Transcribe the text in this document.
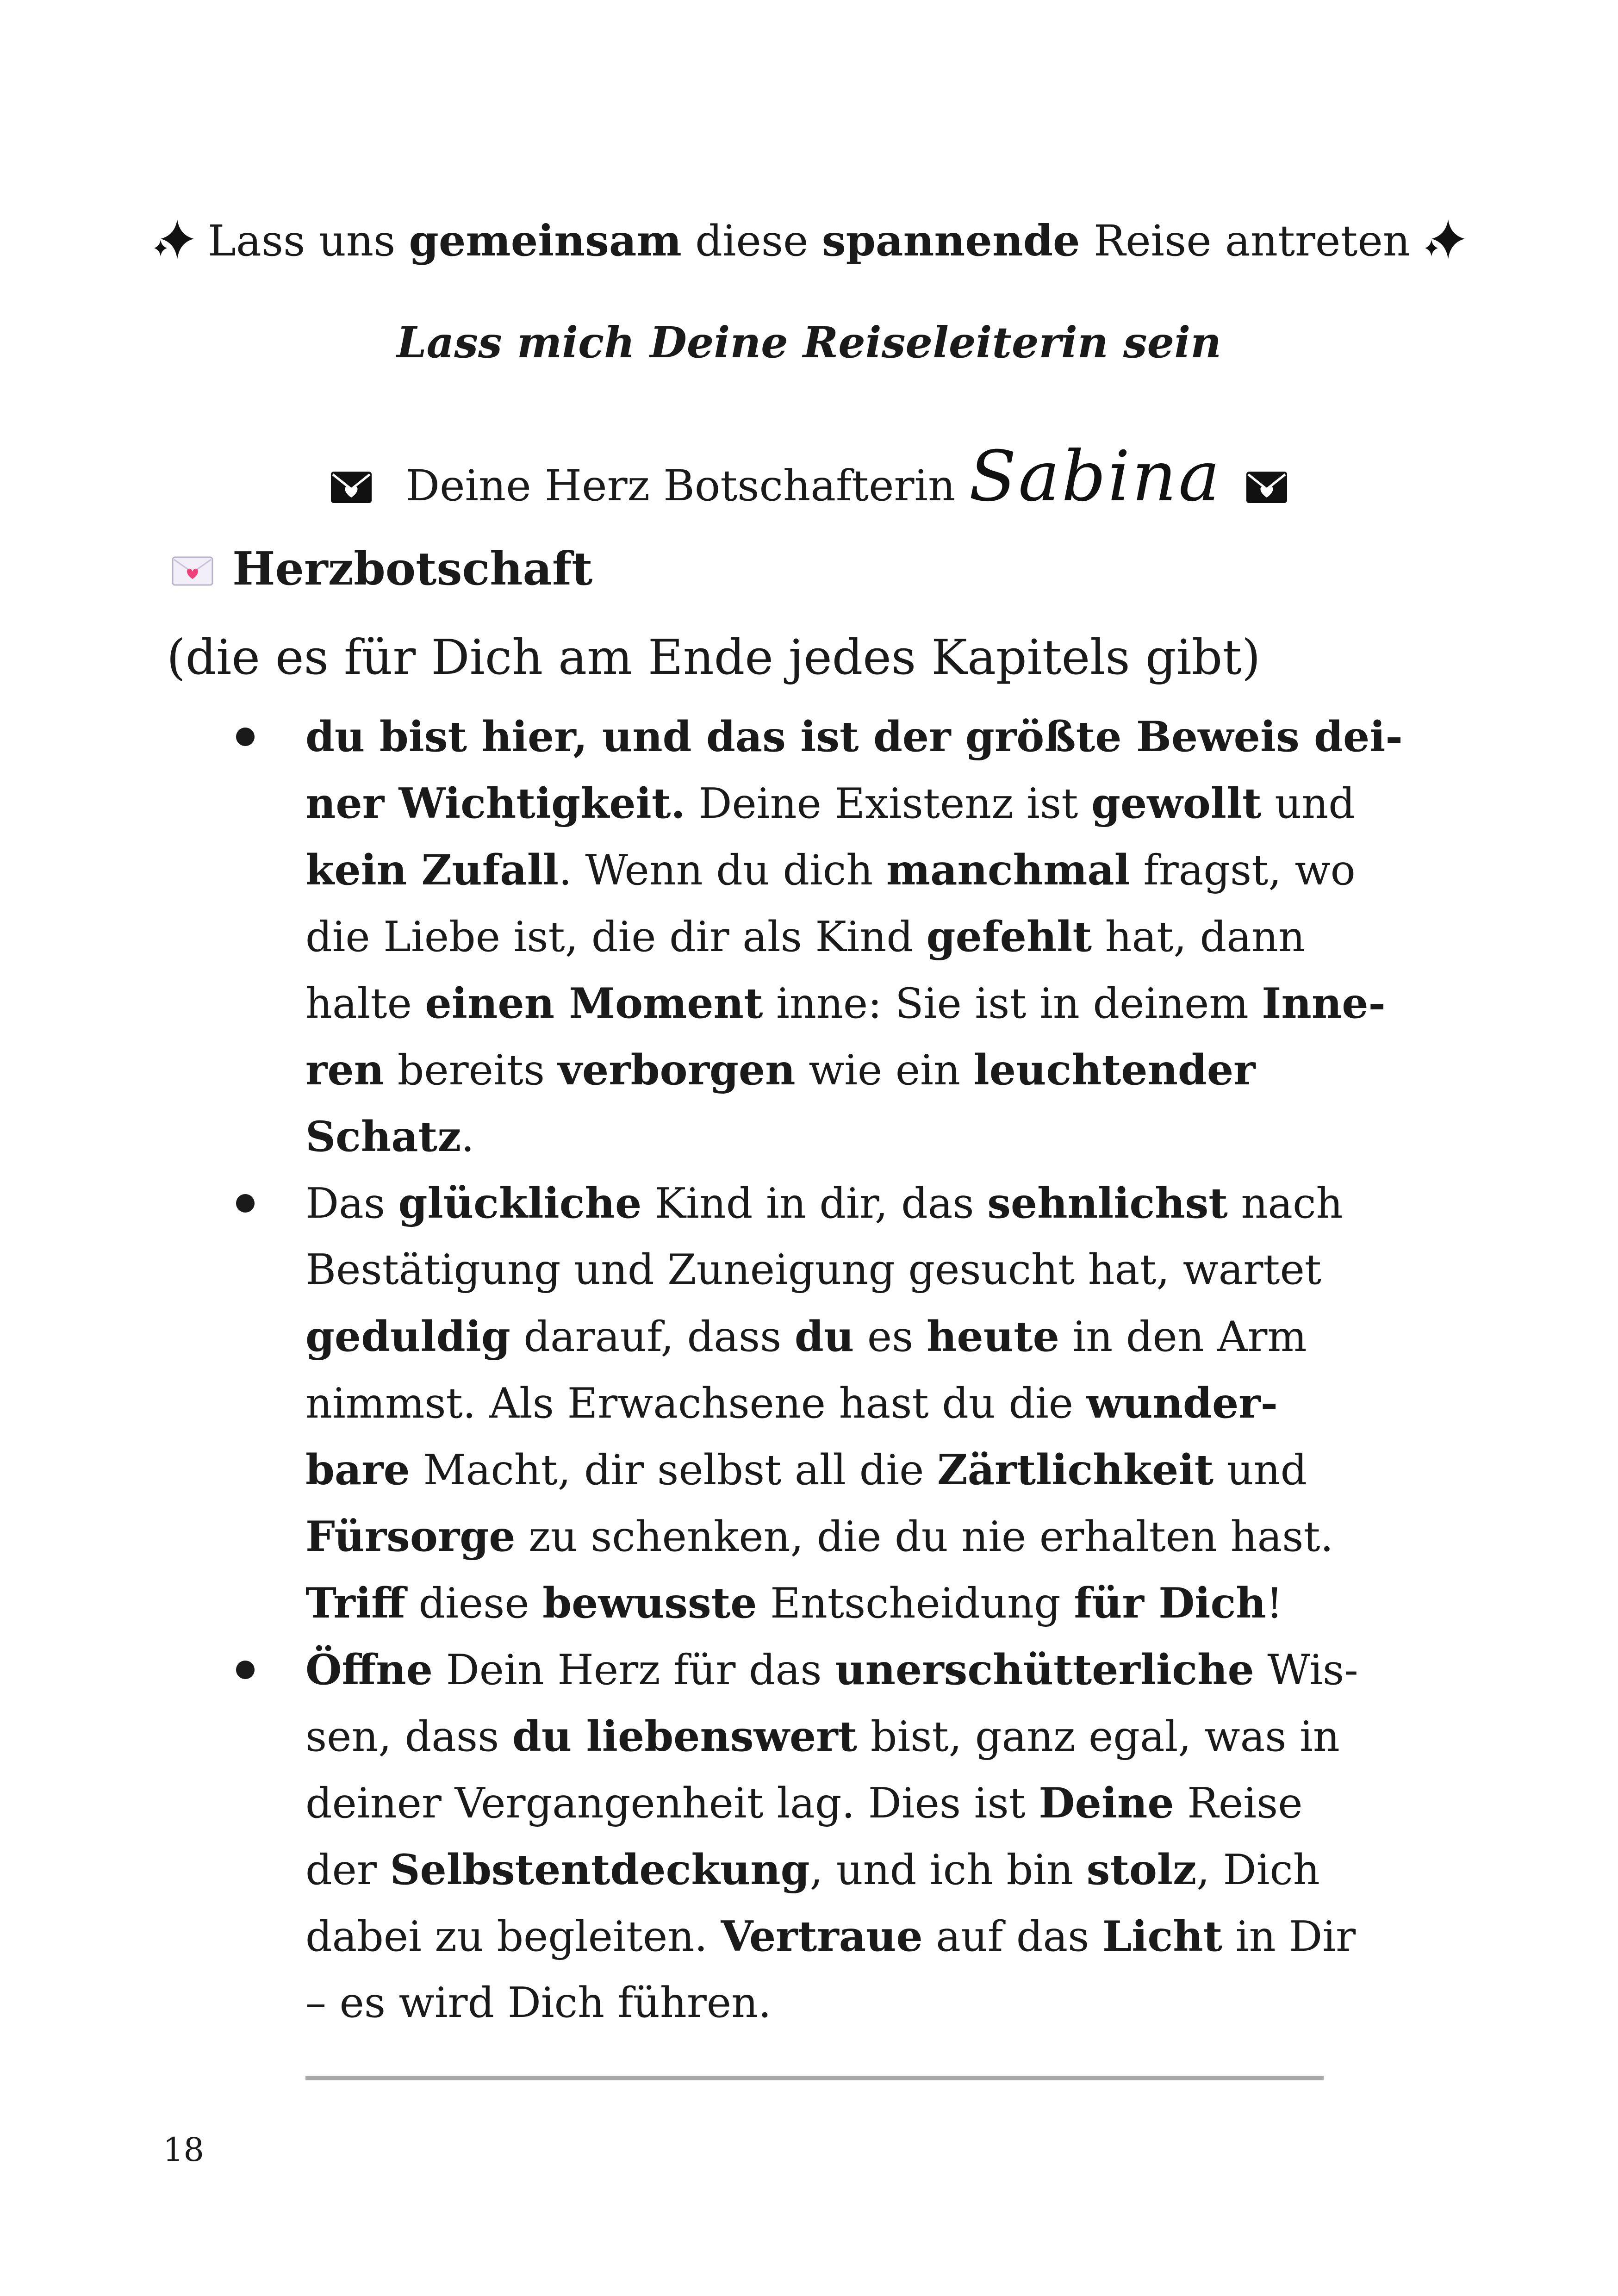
Lass uns gemeinsam diese spannende Reise antreten
Lass mich Deine Reiseleiterin sein
Deine Herz Botschafterin Sabina
Herzbotschaft
(die es für Dich am Ende jedes Kapitels gibt)
du bist hier, und das ist der größte Beweis dei-
ner Wichtigkeit. Deine Existenz ist gewollt und
kein Zufall. Wenn du dich manchmal fragst, wo
die Liebe ist, die dir als Kind gefehlt hat, dann
halte einen Moment inne: Sie ist in deinem Inne-
ren bereits verborgen wie ein leuchtender
Schatz.
Das glückliche Kind in dir, das sehnlichst nach
Bestätigung und Zuneigung gesucht hat, wartet
geduldig darauf, dass du es heute in den Arm
nimmst. Als Erwachsene hast du die wunder-
bare Macht, dir selbst all die Zärtlichkeit und
Fürsorge zu schenken, die du nie erhalten hast.
Triff diese bewusste Entscheidung für Dich!
Öffne Dein Herz für das unerschütterliche Wis-
sen, dass du liebenswert bist, ganz egal, was in
deiner Vergangenheit lag. Dies ist Deine Reise
der Selbstentdeckung, und ich bin stolz, Dich
dabei zu begleiten. Vertraue auf das Licht in Dir
– es wird Dich führen.
18
